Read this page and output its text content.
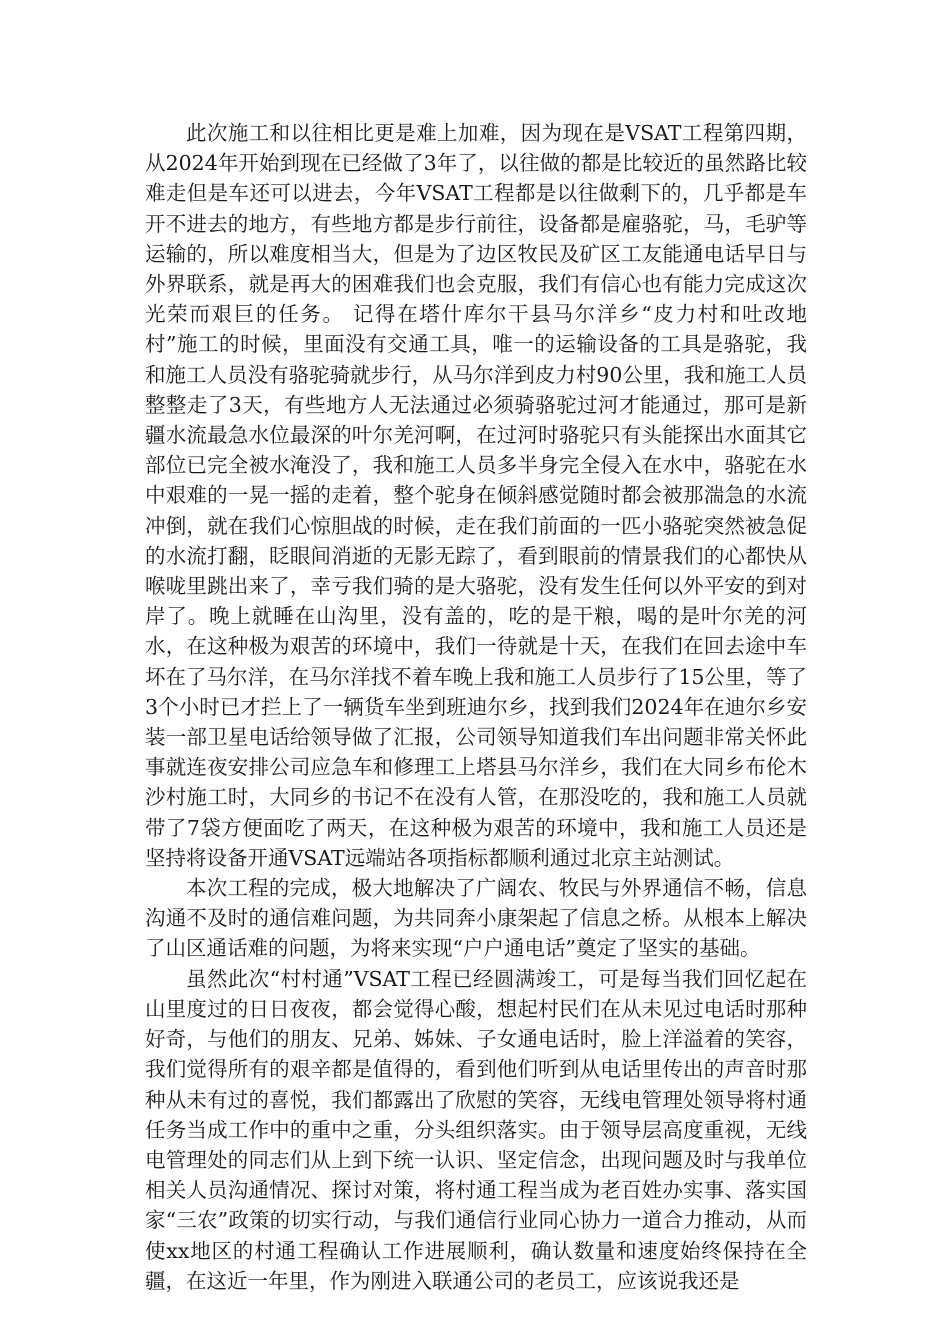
此次施工和以往相比更是难上加难，因为现在是VSAT工程第四期，从2024年开始到现在已经做了3年了，以往做的都是比较近的虽然路比较难走但是车还可以进去，今年VSAT工程都是以往做剩下的，几乎都是车开不进去的地方，有些地方都是步行前往，设备都是雇骆驼，马，毛驴等运输的，所以难度相当大，但是为了边区牧民及矿区工友能通电话早日与外界联系，就是再大的困难我们也会克服，我们有信心也有能力完成这次光荣而艰巨的任务。 记得在塔什库尔干县马尔洋乡“皮力村和吐改地村”施工的时候，里面没有交通工具，唯一的运输设备的工具是骆驼，我和施工人员没有骆驼骑就步行，从马尔洋到皮力村90公里，我和施工人员整整走了3天，有些地方人无法通过必须骑骆驼过河才能通过，那可是新疆水流最急水位最深的叶尔羌河啊，在过河时骆驼只有头能探出水面其它部位已完全被水淹没了，我和施工人员多半身完全侵入在水中，骆驼在水中艰难的一晃一摇的走着，整个驼身在倾斜感觉随时都会被那湍急的水流冲倒，就在我们心惊胆战的时候，走在我们前面的一匹小骆驼突然被急促的水流打翻，眨眼间消逝的无影无踪了，看到眼前的情景我们的心都快从喉咙里跳出来了，幸亏我们骑的是大骆驼，没有发生任何以外平安的到对岸了。晚上就睡在山沟里，没有盖的，吃的是干粮，喝的是叶尔羌的河水，在这种极为艰苦的环境中，我们一待就是十天，在我们在回去途中车坏在了马尔洋，在马尔洋找不着车晚上我和施工人员步行了15公里，等了3个小时已才拦上了一辆货车坐到班迪尔乡，找到我们2024年在迪尔乡安装一部卫星电话给领导做了汇报，公司领导知道我们车出问题非常关怀此事就连夜安排公司应急车和修理工上塔县马尔洋乡，我们在大同乡布伦木沙村施工时，大同乡的书记不在没有人管，在那没吃的，我和施工人员就带了7袋方便面吃了两天，在这种极为艰苦的环境中，我和施工人员还是坚持将设备开通VSAT远端站各项指标都顺利通过北京主站测试。

本次工程的完成，极大地解决了广阔农、牧民与外界通信不畅，信息沟通不及时的通信难问题，为共同奔小康架起了信息之桥。从根本上解决了山区通话难的问题，为将来实现“户户通电话”奠定了坚实的基础。

虽然此次“村村通”VSAT工程已经圆满竣工，可是每当我们回忆起在山里度过的日日夜夜，都会觉得心酸，想起村民们在从未见过电话时那种好奇，与他们的朋友、兄弟、姊妹、子女通电话时，脸上洋溢着的笑容，我们觉得所有的艰辛都是值得的，看到他们听到从电话里传出的声音时那种从未有过的喜悦，我们都露出了欣慰的笑容，无线电管理处领导将村通任务当成工作中的重中之重，分头组织落实。由于领导层高度重视，无线电管理处的同志们从上到下统一认识、坚定信念，出现问题及时与我单位相关人员沟通情况、探讨对策，将村通工程当成为老百姓办实事、落实国家“三农”政策的切实行动，与我们通信行业同心协力一道合力推动，从而使xx地区的村通工程确认工作进展顺利，确认数量和速度始终保持在全疆，在这近一年里，作为刚进入联通公司的老员工，应该说我还是
